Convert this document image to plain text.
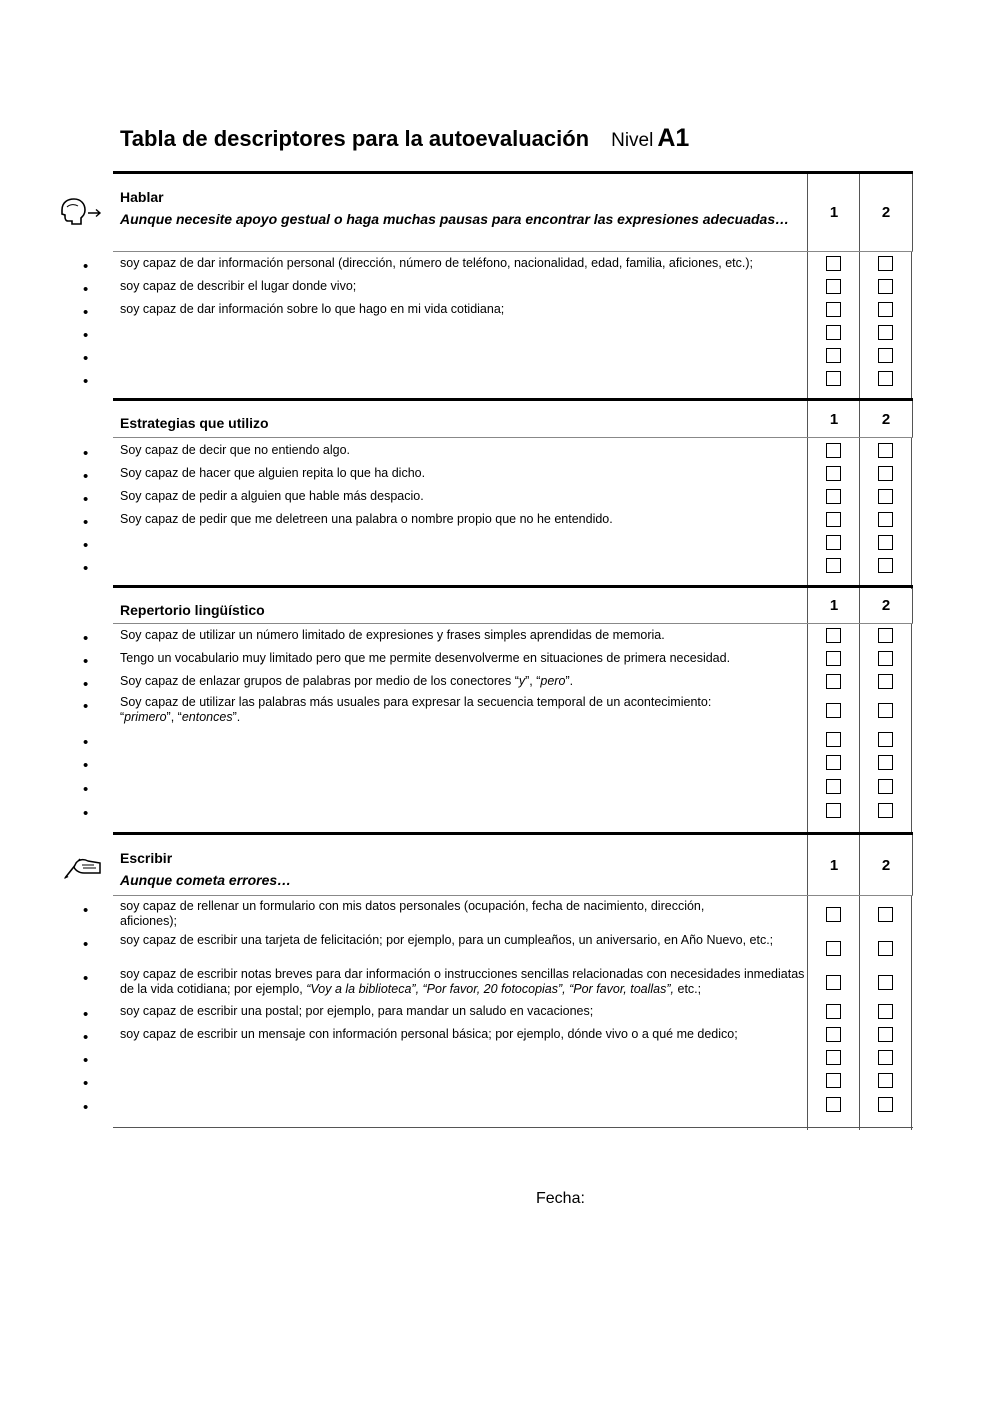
Tabla de descriptores para la autoevaluación Nivel A1
Hablar
Aunque necesite apoyo gestual o haga muchas pausas para encontrar las expresiones adecuadas…	1	2
•	soy capaz de dar información personal (dirección, número de teléfono, nacionalidad, edad, familia, aficiones, etc.);
•	soy capaz de describir el lugar donde vivo;
•	soy capaz de dar información sobre lo que hago en mi vida cotidiana;
•
•
•
Estrategias que utilizo	1	2
•	Soy capaz de decir que no entiendo algo.
•	Soy capaz de hacer que alguien repita lo que ha dicho.
•	Soy capaz de pedir a alguien que hable más despacio.
•	Soy capaz de pedir que me deletreen una palabra o nombre propio que no he entendido.
•
•
Repertorio lingüístico	1	2
•	Soy capaz de utilizar un número limitado de expresiones y frases simples aprendidas de memoria.
•	Tengo un vocabulario muy limitado pero que me permite desenvolverme en situaciones de primera necesidad.
•	Soy capaz de enlazar grupos de palabras por medio de los conectores “y”, “pero”.
•	Soy capaz de utilizar las palabras más usuales para expresar la secuencia temporal de un acontecimiento:
“primero”, “entonces”.
•
•
•
•
Escribir
Aunque cometa errores…
1	2
•	soy capaz de rellenar un formulario con mis datos personales (ocupación, fecha de nacimiento, dirección, aficiones);
•	soy capaz de escribir una tarjeta de felicitación; por ejemplo, para un cumpleaños, un aniversario, en Año Nuevo, etc.;
•	soy capaz de escribir notas breves para dar información o instrucciones sencillas relacionadas con necesidades inmediatas de la vida cotidiana; por ejemplo, “Voy a la biblioteca”, “Por favor, 20 fotocopias”, “Por favor, toallas”, etc.;
•	soy capaz de escribir una postal; por ejemplo, para mandar un saludo en vacaciones;
•	soy capaz de escribir un mensaje con información personal básica; por ejemplo, dónde vivo o a qué me dedico;
•
•
•
Fecha:
